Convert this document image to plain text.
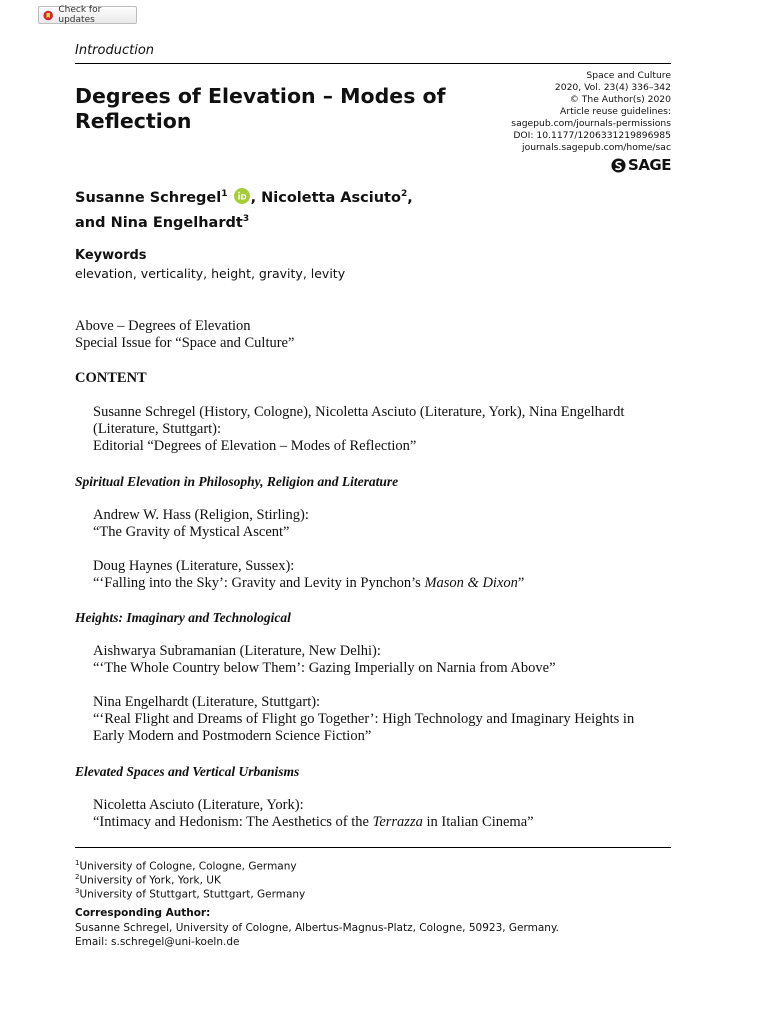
Check for updates
Introduction
Space and Culture
2020, Vol. 23(4) 336–342
© The Author(s) 2020
Article reuse guidelines:
sagepub.com/journals-permissions
DOI: 10.1177/1206331219896985
journals.sagepub.com/home/sac
SAGE
Degrees of Elevation – Modes of Reflection
Susanne Schregel$^1$ , Nicoletta Asciuto$^2$,
and Nina Engelhardt$^3$
Keywords
elevation, verticality, height, gravity, levity
Above – Degrees of Elevation
Special Issue for “Space and Culture”
CONTENT
Susanne Schregel (History, Cologne), Nicoletta Asciuto (Literature, York), Nina Engelhardt
(Literature, Stuttgart):
Editorial “Degrees of Elevation – Modes of Reflection”
Spiritual Elevation in Philosophy, Religion and Literature
Andrew W. Hass (Religion, Stirling):
“The Gravity of Mystical Ascent”
Doug Haynes (Literature, Sussex):
“‘Falling into the Sky’: Gravity and Levity in Pynchon’s Mason & Dixon”
Heights: Imaginary and Technological
Aishwarya Subramanian (Literature, New Delhi):
“‘The Whole Country below Them’: Gazing Imperially on Narnia from Above”
Nina Engelhardt (Literature, Stuttgart):
“‘Real Flight and Dreams of Flight go Together’: High Technology and Imaginary Heights in
Early Modern and Postmodern Science Fiction”
Elevated Spaces and Vertical Urbanisms
Nicoletta Asciuto (Literature, York):
“Intimacy and Hedonism: The Aesthetics of the Terrazza in Italian Cinema”
$^1$University of Cologne, Cologne, Germany
$^2$University of York, York, UK
$^3$University of Stuttgart, Stuttgart, Germany
Corresponding Author:
Susanne Schregel, University of Cologne, Albertus-Magnus-Platz, Cologne, 50923, Germany.
Email: s.schregel@uni-koeln.de
